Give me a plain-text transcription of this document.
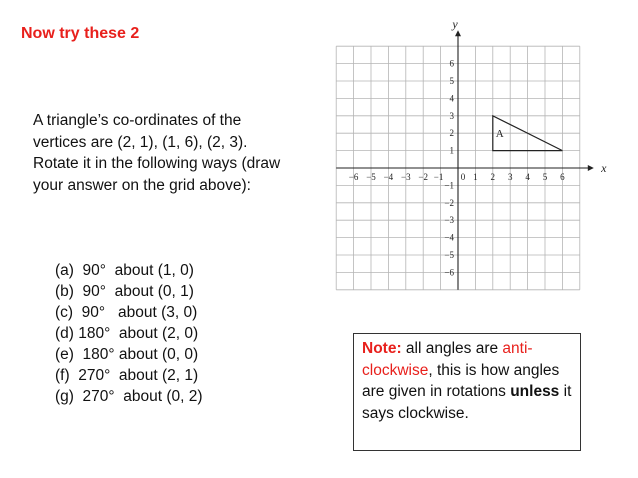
Now try these 2
A triangle’s co-ordinates of the
vertices are (2, 1), (1, 6), (2, 3).
Rotate it in the following ways (draw
your answer on the grid above):
(a)  90°  about (1, 0)
(b)  90°  about (0, 1)
(c)  90°   about (3, 0)
(d) 180°  about (2, 0)
(e)  180° about (0, 0)
(f)  270°  about (2, 1)
(g)  270°  about (0, 2)
Note: all angles are anti-clockwise, this is how angles are given in rotations unless it says clockwise.
x
y
−6 −5 −4 −3 −2 −1 0 1 2 3 4 5 6
6
5
4
3
2
1
−1
−2
−3
−4
−5
−6
A
